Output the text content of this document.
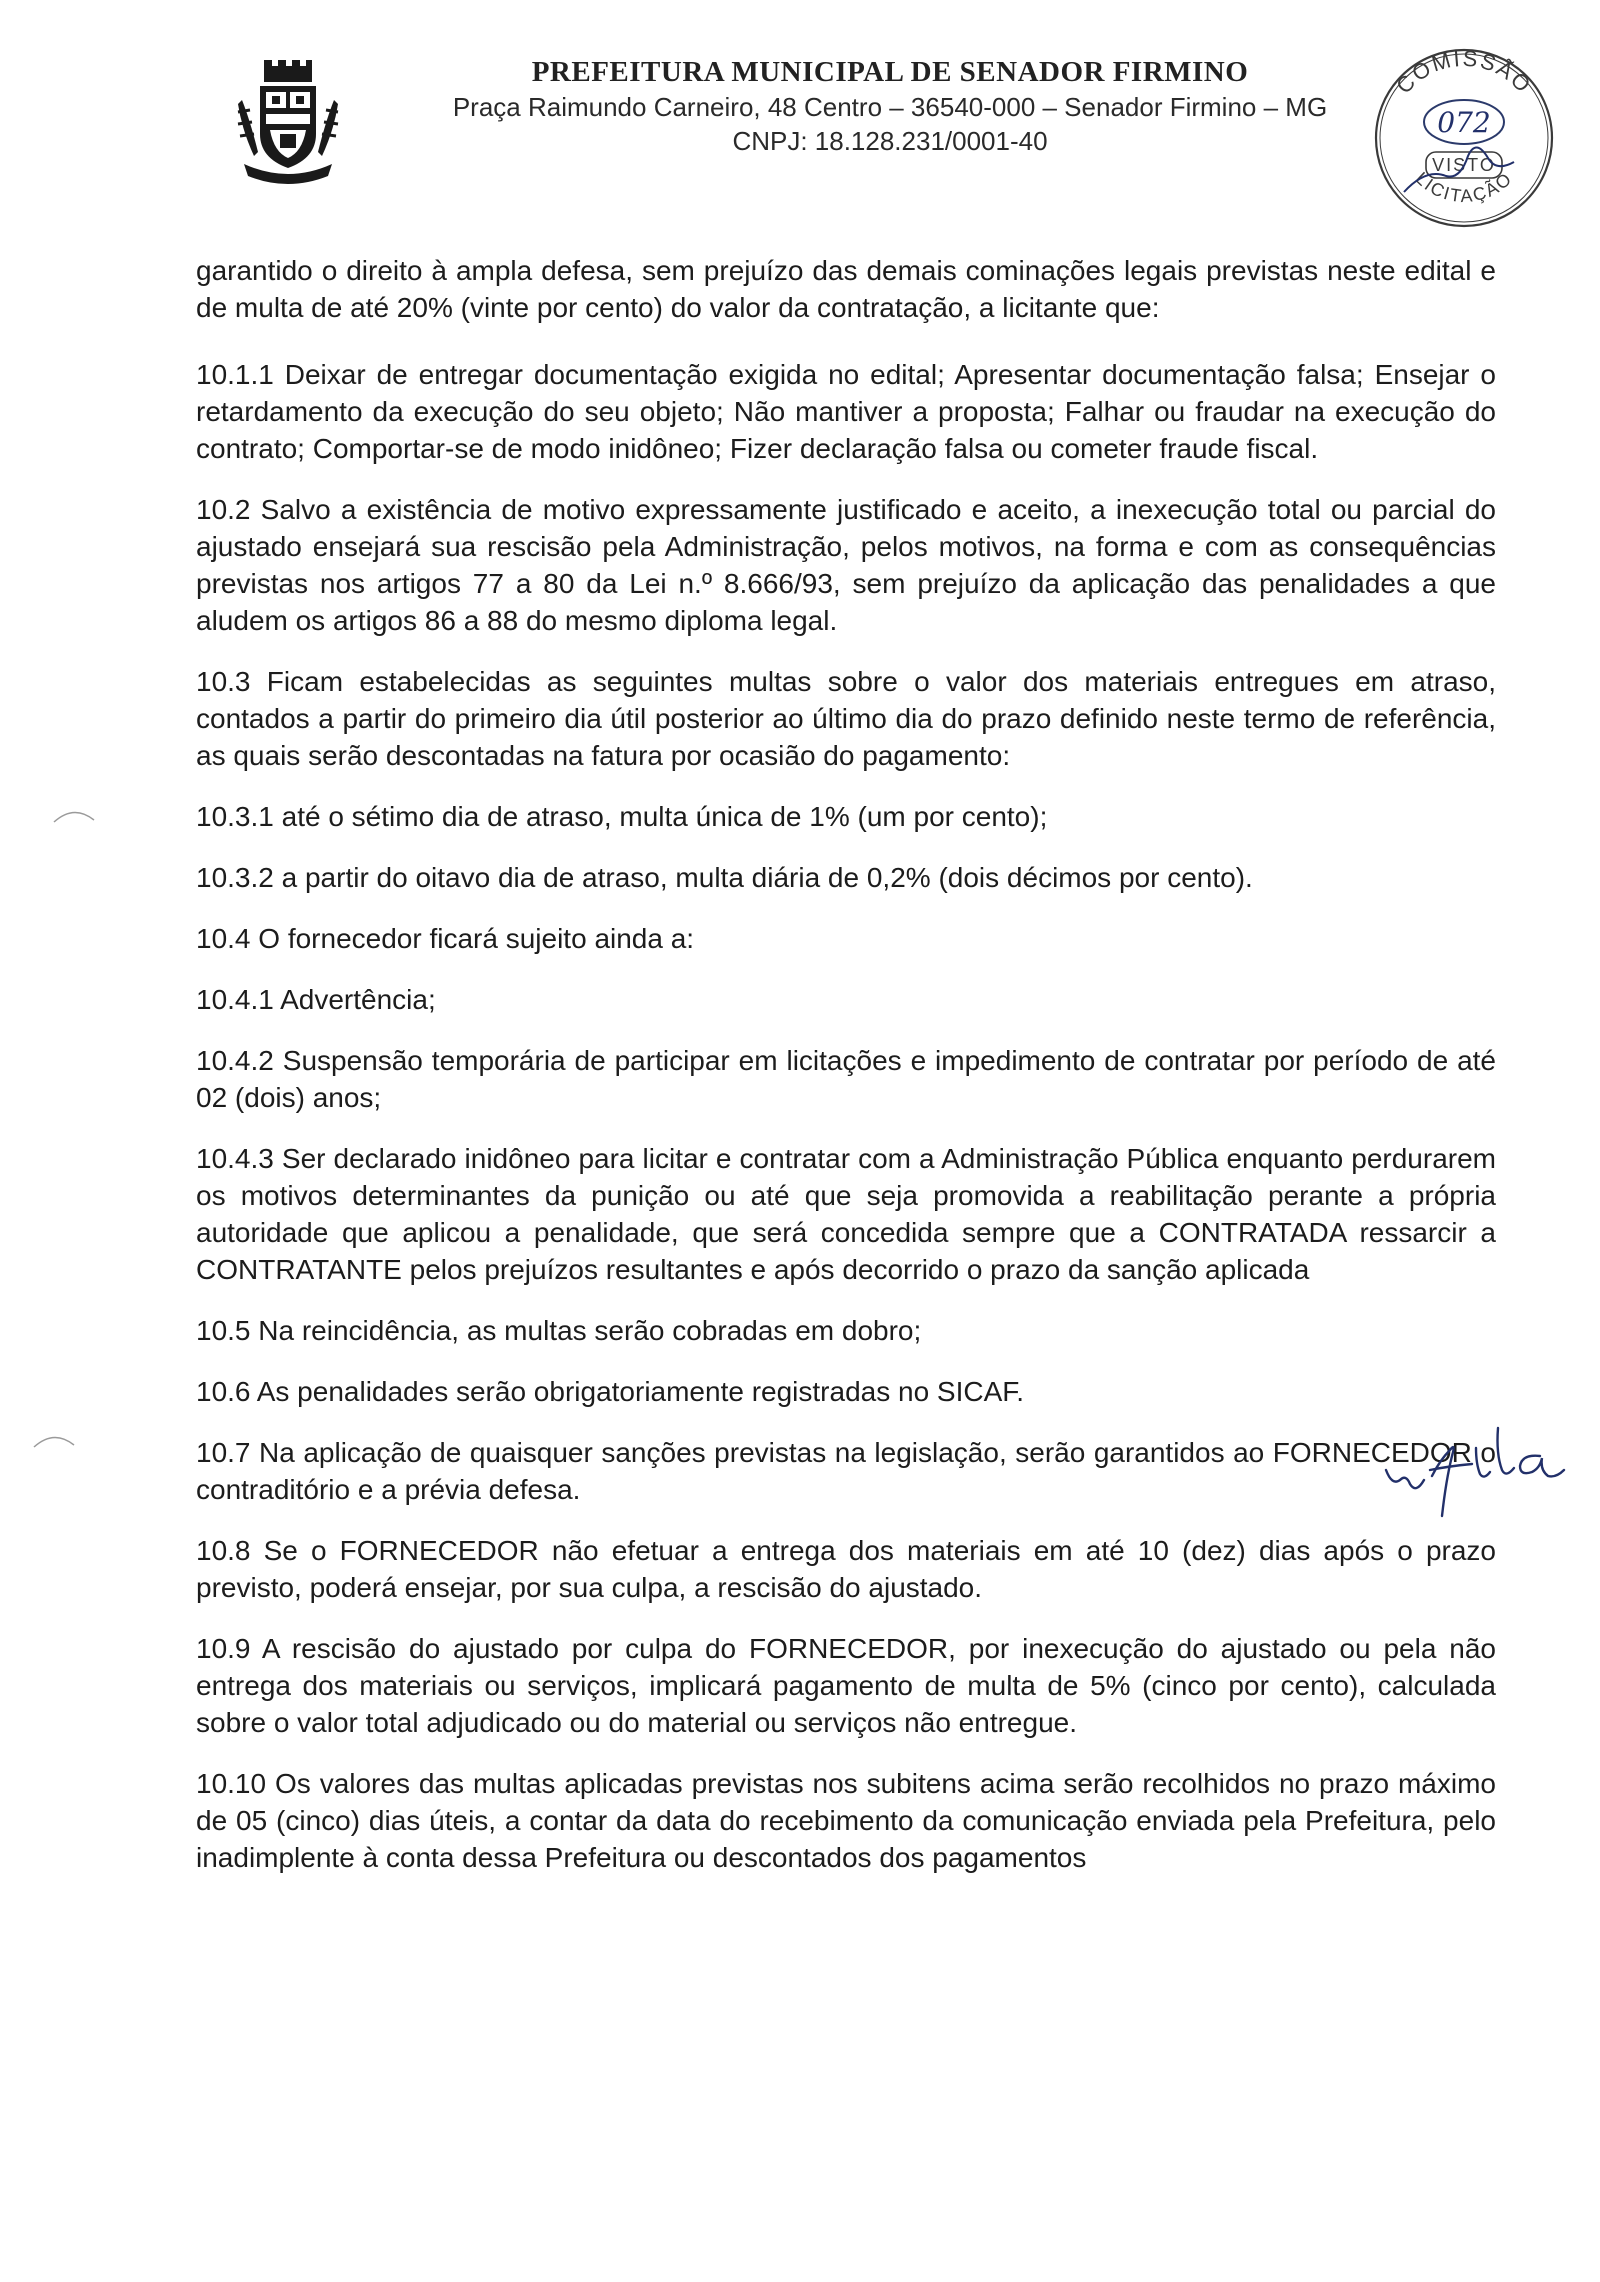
PREFEITURA MUNICIPAL DE SENADOR FIRMINO
Praça Raimundo Carneiro, 48 Centro – 36540-000 – Senador Firmino – MG
CNPJ: 18.128.231/0001-40
COMISSÃO
LICITAÇÃO
072
VISTO

garantido o direito à ampla defesa, sem prejuízo das demais cominações legais previstas neste edital e de multa de até 20% (vinte por cento) do valor da contratação, a licitante que:

10.1.1 Deixar de entregar documentação exigida no edital; Apresentar documentação falsa; Ensejar o retardamento da execução do seu objeto; Não mantiver a proposta; Falhar ou fraudar na execução do contrato; Comportar-se de modo inidôneo; Fizer declaração falsa ou cometer fraude fiscal.

10.2 Salvo a existência de motivo expressamente justificado e aceito, a inexecução total ou parcial do ajustado ensejará sua rescisão pela Administração, pelos motivos, na forma e com as consequências previstas nos artigos 77 a 80 da Lei n.º 8.666/93, sem prejuízo da aplicação das penalidades a que aludem os artigos 86 a 88 do mesmo diploma legal.

10.3 Ficam estabelecidas as seguintes multas sobre o valor dos materiais entregues em atraso, contados a partir do primeiro dia útil posterior ao último dia do prazo definido neste termo de referência, as quais serão descontadas na fatura por ocasião do pagamento:

10.3.1 até o sétimo dia de atraso, multa única de 1% (um por cento);

10.3.2 a partir do oitavo dia de atraso, multa diária de 0,2% (dois décimos por cento).

10.4 O fornecedor ficará sujeito ainda a:

10.4.1 Advertência;

10.4.2 Suspensão temporária de participar em licitações e impedimento de contratar por período de até 02 (dois) anos;

10.4.3 Ser declarado inidôneo para licitar e contratar com a Administração Pública enquanto perdurarem os motivos determinantes da punição ou até que seja promovida a reabilitação perante a própria autoridade que aplicou a penalidade, que será concedida sempre que a CONTRATADA ressarcir a CONTRATANTE pelos prejuízos resultantes e após decorrido o prazo da sanção aplicada

10.5 Na reincidência, as multas serão cobradas em dobro;

10.6 As penalidades serão obrigatoriamente registradas no SICAF.

10.7 Na aplicação de quaisquer sanções previstas na legislação, serão garantidos ao FORNECEDOR o contraditório e a prévia defesa.

10.8 Se o FORNECEDOR não efetuar a entrega dos materiais em até 10 (dez) dias após o prazo previsto, poderá ensejar, por sua culpa, a rescisão do ajustado.

10.9 A rescisão do ajustado por culpa do FORNECEDOR, por inexecução do ajustado ou pela não entrega dos materiais ou serviços, implicará pagamento de multa de 5% (cinco por cento), calculada sobre o valor total adjudicado ou do material ou serviços não entregue.

10.10 Os valores das multas aplicadas previstas nos subitens acima serão recolhidos no prazo máximo de 05 (cinco) dias úteis, a contar da data do recebimento da comunicação enviada pela Prefeitura, pelo inadimplente à conta dessa Prefeitura ou descontados dos pagamentos
